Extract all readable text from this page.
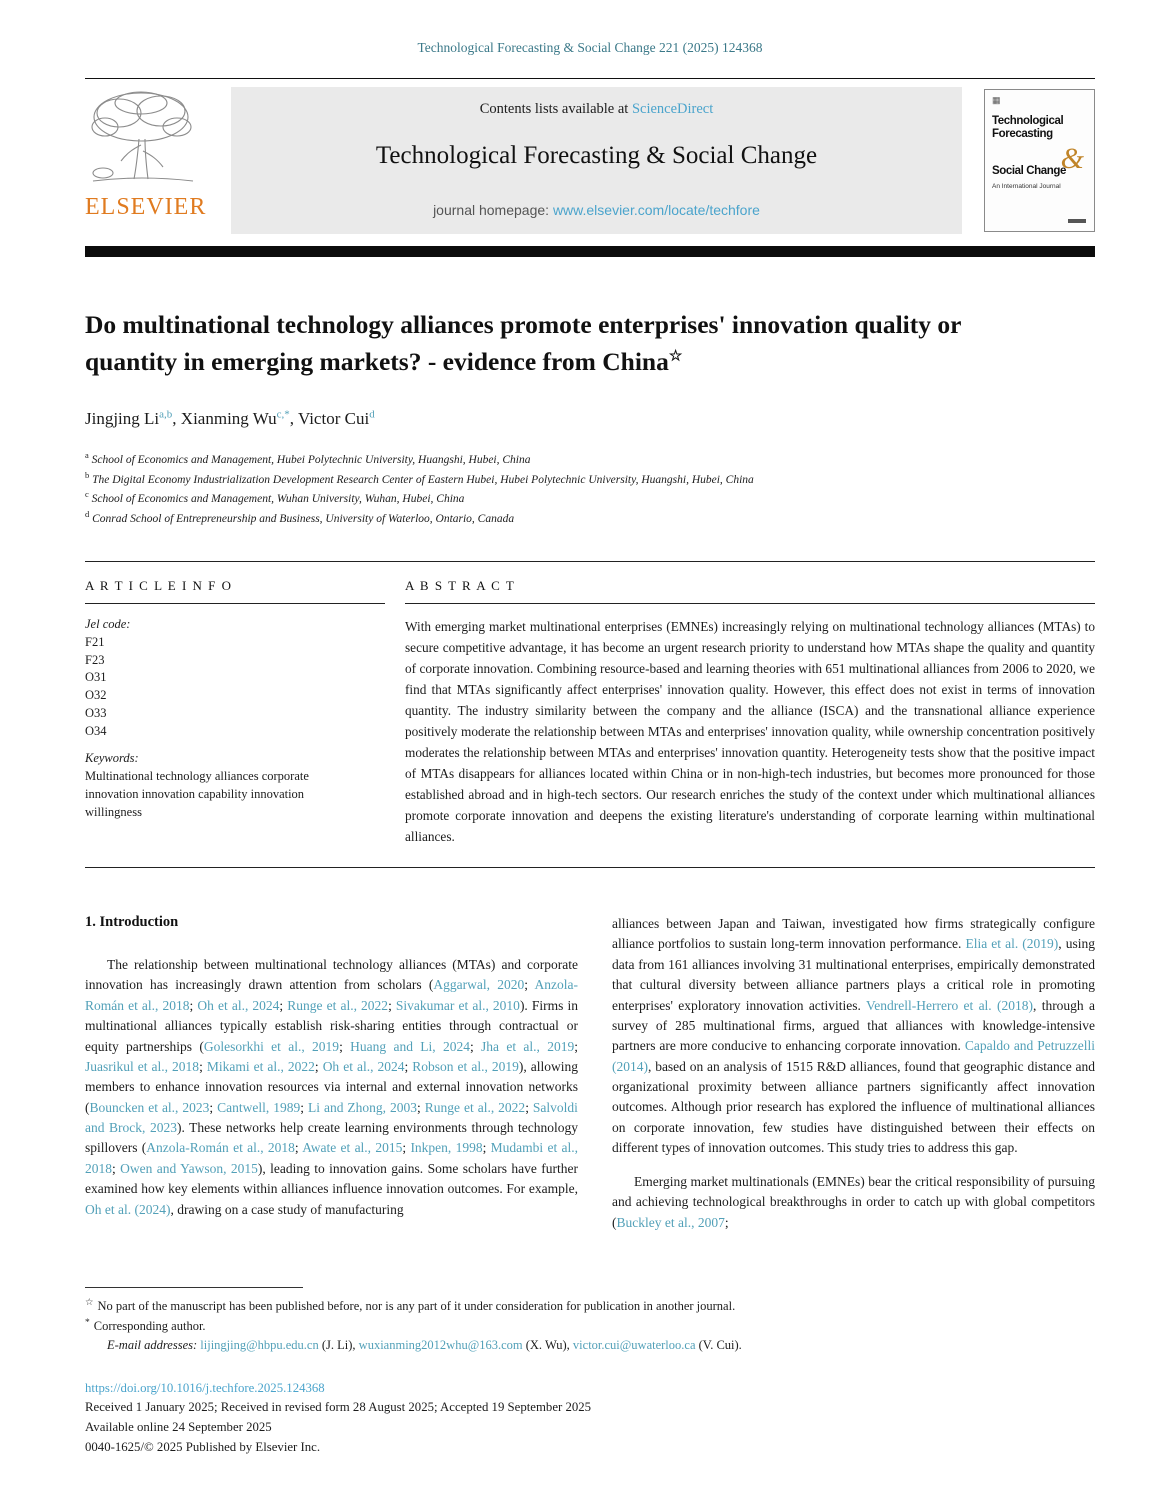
Technological Forecasting & Social Change 221 (2025) 124368
ELSEVIER
Contents lists available at ScienceDirect
Technological Forecasting & Social Change
journal homepage: www.elsevier.com/locate/techfore
▦
Technological
Forecasting
&
Social Change
An International Journal
Do multinational technology alliances promote enterprises' innovation quality or quantity in emerging markets? - evidence from China☆
Jingjing Li$^{a,b}$, Xianming $Wu^{c,*}$, Victor Cui$^d$
$^a$ School of Economics and Management, Hubei Polytechnic University, Huangshi, Hubei, China
$^b$ The Digital Economy Industrialization Development Research Center of Eastern Hubei, Hubei Polytechnic University, Huangshi, Hubei, China
$^c$ School of Economics and Management, Wuhan University, Wuhan, Hubei, China
$^d$ Conrad School of Entrepreneurship and Business, University of Waterloo, Ontario, Canada
A R T I C L E I N F O
Jel code:
F21
F23
O31
O32
O33
O34
Keywords:
Multinational technology alliances corporate innovation innovation capability innovation willingness
A B S T R A C T
With emerging market multinational enterprises (EMNEs) increasingly relying on multinational technology alliances (MTAs) to secure competitive advantage, it has become an urgent research priority to understand how MTAs shape the quality and quantity of corporate innovation. Combining resource-based and learning theories with 651 multinational alliances from 2006 to 2020, we find that MTAs significantly affect enterprises' innovation quality. However, this effect does not exist in terms of innovation quantity. The industry similarity between the company and the alliance (ISCA) and the transnational alliance experience positively moderate the relationship between MTAs and enterprises' innovation quality, while ownership concentration positively moderates the relationship between MTAs and enterprises' innovation quantity. Heterogeneity tests show that the positive impact of MTAs disappears for alliances located within China or in non-high-tech industries, but becomes more pronounced for those established abroad and in high-tech sectors. Our research enriches the study of the context under which multinational alliances promote corporate innovation and deepens the existing literature's understanding of corporate learning within multinational alliances.
1. Introduction

The relationship between multinational technology alliances (MTAs) and corporate innovation has increasingly drawn attention from scholars (Aggarwal, 2020; Anzola-Román et al., 2018; Oh et al., 2024; Runge et al., 2022; Sivakumar et al., 2010). Firms in multinational alliances typically establish risk-sharing entities through contractual or equity partnerships (Golesorkhi et al., 2019; Huang and Li, 2024; Jha et al., 2019; Juasrikul et al., 2018; Mikami et al., 2022; Oh et al., 2024; Robson et al., 2019), allowing members to enhance innovation resources via internal and external innovation networks (Bouncken et al., 2023; Cantwell, 1989; Li and Zhong, 2003; Runge et al., 2022; Salvoldi and Brock, 2023). These networks help create learning environments through technology spillovers (Anzola-Román et al., 2018; Awate et al., 2015; Inkpen, 1998; Mudambi et al., 2018; Owen and Yawson, 2015), leading to innovation gains. Some scholars have further examined how key elements within alliances influence innovation outcomes. For example, Oh et al. (2024), drawing on a case study of manufacturing

alliances between Japan and Taiwan, investigated how firms strategically configure alliance portfolios to sustain long-term innovation performance. Elia et al. (2019), using data from 161 alliances involving 31 multinational enterprises, empirically demonstrated that cultural diversity between alliance partners plays a critical role in promoting enterprises' exploratory innovation activities. Vendrell-Herrero et al. (2018), through a survey of 285 multinational firms, argued that alliances with knowledge-intensive partners are more conducive to enhancing corporate innovation. Capaldo and Petruzzelli (2014), based on an analysis of 1515 R&D alliances, found that geographic distance and organizational proximity between alliance partners significantly affect innovation outcomes. Although prior research has explored the influence of multinational alliances on corporate innovation, few studies have distinguished between their effects on different types of innovation outcomes. This study tries to address this gap.

Emerging market multinationals (EMNEs) bear the critical responsibility of pursuing and achieving technological breakthroughs in order to catch up with global competitors (Buckley et al., 2007;

☆ No part of the manuscript has been published before, nor is any part of it under consideration for publication in another journal.
* Corresponding author.
E-mail addresses: lijingjing@hbpu.edu.cn (J. Li), wuxianming2012whu@163.com (X. Wu), victor.cui@uwaterloo.ca (V. Cui).
https://doi.org/10.1016/j.techfore.2025.124368
Received 1 January 2025; Received in revised form 28 August 2025; Accepted 19 September 2025
Available online 24 September 2025
0040-1625/© 2025 Published by Elsevier Inc.
